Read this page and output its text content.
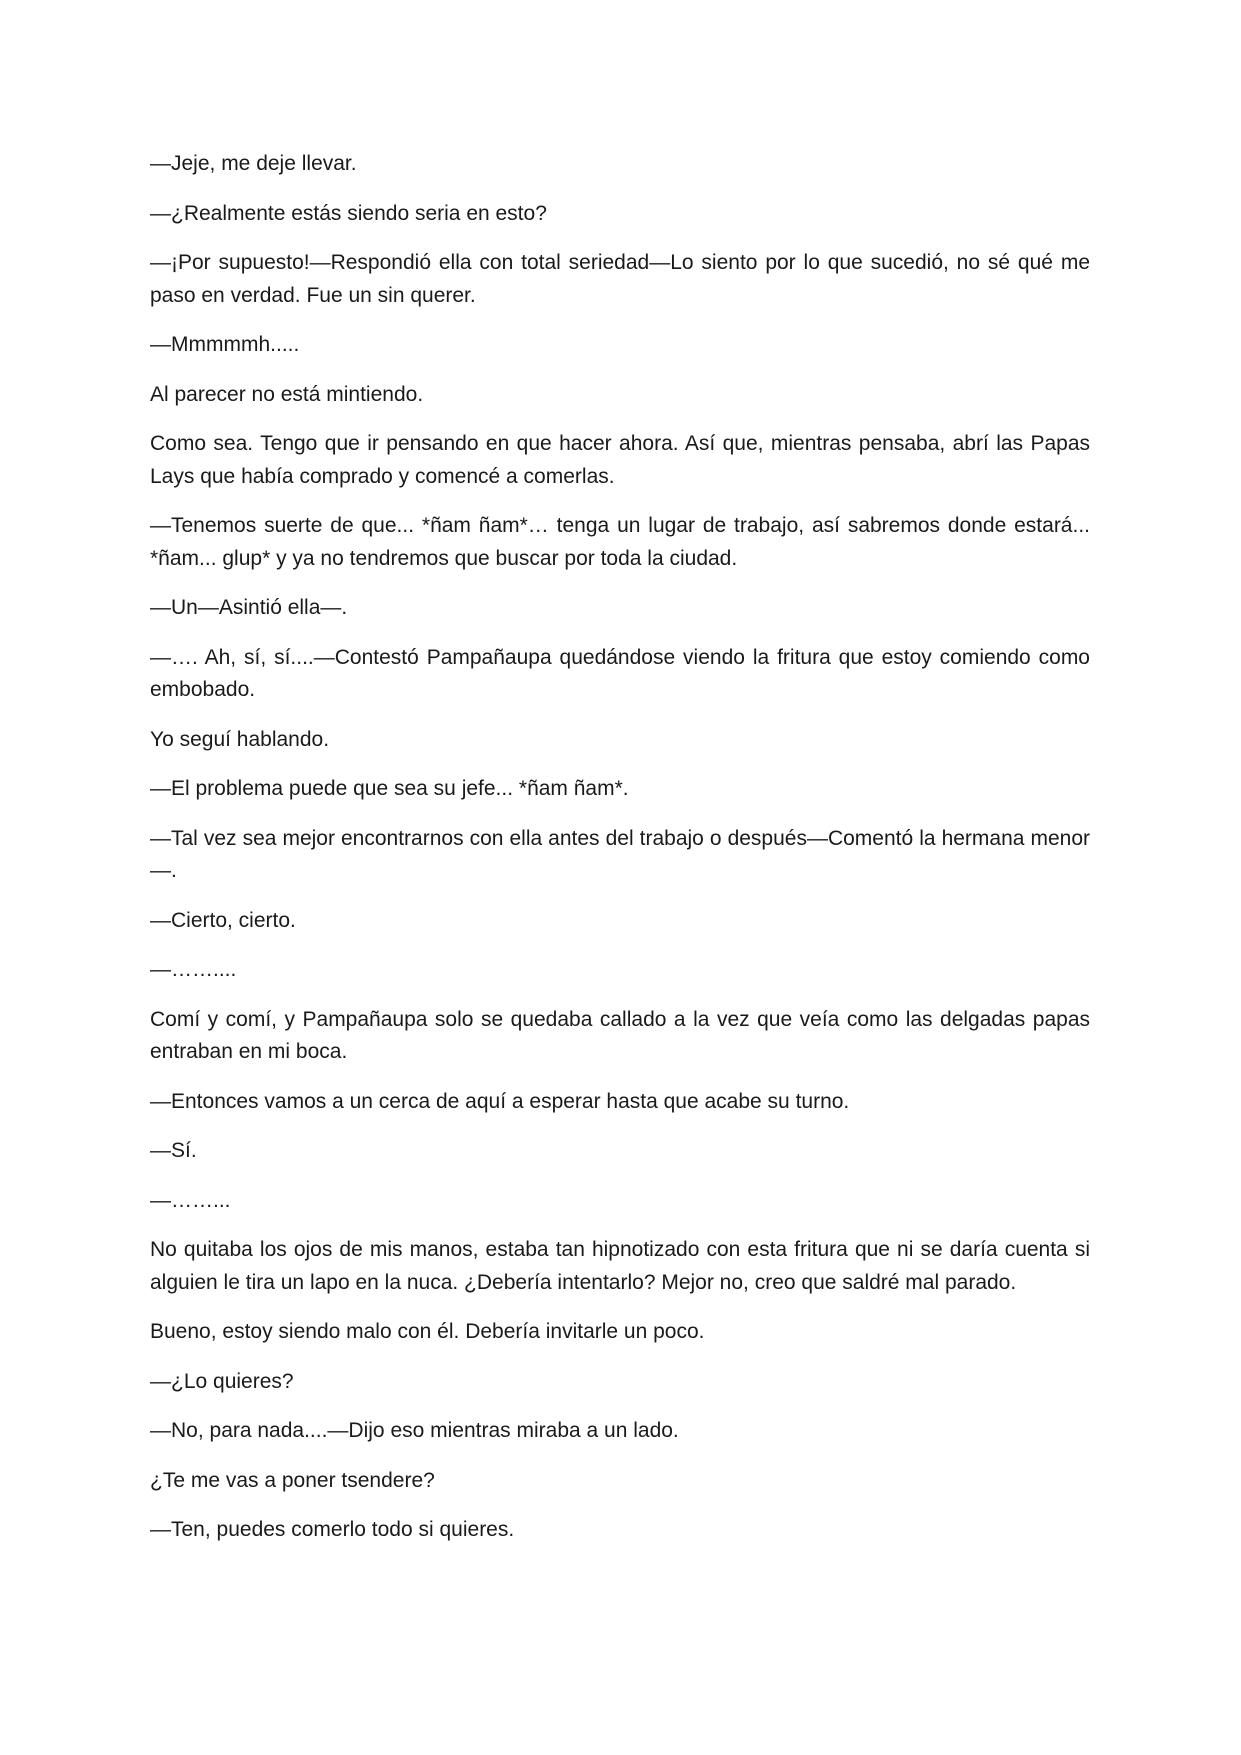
—Jeje, me deje llevar.

—¿Realmente estás siendo seria en esto?

—¡Por supuesto!—Respondió ella con total seriedad—Lo siento por lo que sucedió, no sé qué me paso en verdad. Fue un sin querer.

—Mmmmmh.....

Al parecer no está mintiendo.

Como sea. Tengo que ir pensando en que hacer ahora. Así que, mientras pensaba, abrí las Papas Lays que había comprado y comencé a comerlas.

—Tenemos suerte de que... *ñam ñam*… tenga un lugar de trabajo, así sabremos donde estará... *ñam... glup* y ya no tendremos que buscar por toda la ciudad.

—Un—Asintió ella—.

—…. Ah, sí, sí....—Contestó Pampañaupa quedándose viendo la fritura que estoy comiendo como embobado.

Yo seguí hablando.

—El problema puede que sea su jefe... *ñam ñam*.

—Tal vez sea mejor encontrarnos con ella antes del trabajo o después—Comentó la hermana menor—.

—Cierto, cierto.

—……....

Comí y comí, y Pampañaupa solo se quedaba callado a la vez que veía como las delgadas papas entraban en mi boca.

—Entonces vamos a un cerca de aquí a esperar hasta que acabe su turno.

—Sí.

—……...

No quitaba los ojos de mis manos, estaba tan hipnotizado con esta fritura que ni se daría cuenta si alguien le tira un lapo en la nuca. ¿Debería intentarlo? Mejor no, creo que saldré mal parado.

Bueno, estoy siendo malo con él. Debería invitarle un poco.

—¿Lo quieres?

—No, para nada....—Dijo eso mientras miraba a un lado.

¿Te me vas a poner tsendere?

—Ten, puedes comerlo todo si quieres.
